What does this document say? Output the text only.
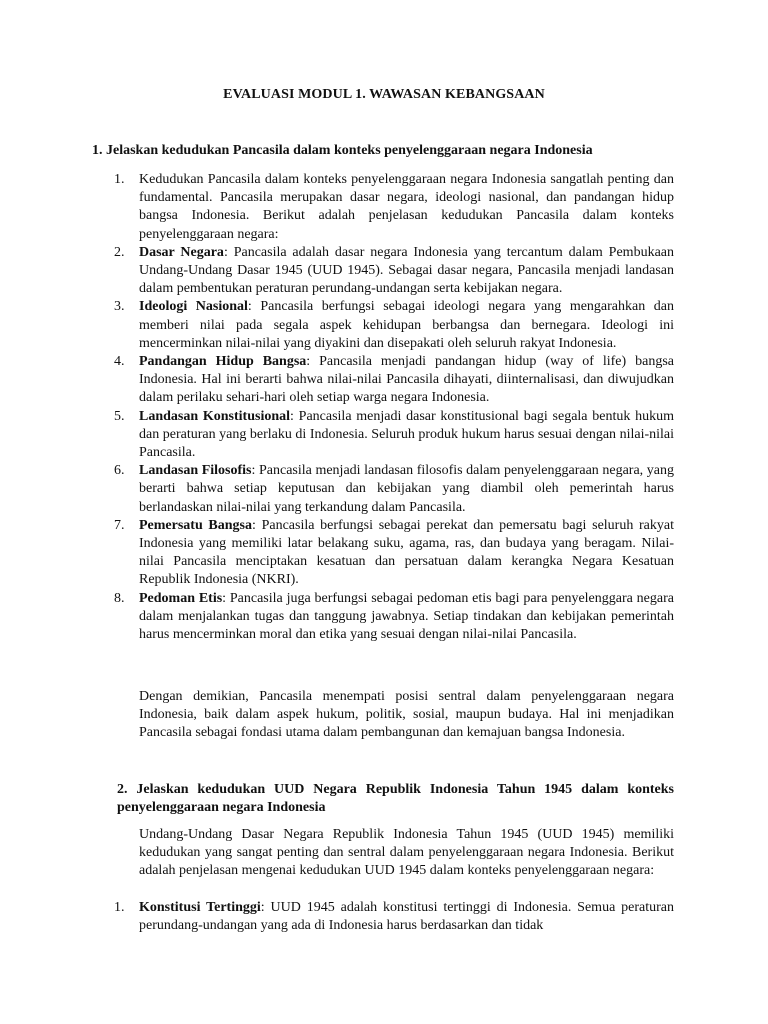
EVALUASI MODUL 1. WAWASAN KEBANGSAAN
1. Jelaskan kedudukan Pancasila dalam konteks penyelenggaraan negara Indonesia
1.	Kedudukan Pancasila dalam konteks penyelenggaraan negara Indonesia sangatlah penting dan fundamental. Pancasila merupakan dasar negara, ideologi nasional, dan pandangan hidup bangsa Indonesia. Berikut adalah penjelasan kedudukan Pancasila dalam konteks penyelenggaraan negara:
2.	Dasar Negara: Pancasila adalah dasar negara Indonesia yang tercantum dalam Pembukaan Undang-Undang Dasar 1945 (UUD 1945). Sebagai dasar negara, Pancasila menjadi landasan dalam pembentukan peraturan perundang-undangan serta kebijakan negara.
3.	Ideologi Nasional: Pancasila berfungsi sebagai ideologi negara yang mengarahkan dan memberi nilai pada segala aspek kehidupan berbangsa dan bernegara. Ideologi ini mencerminkan nilai-nilai yang diyakini dan disepakati oleh seluruh rakyat Indonesia.
4.	Pandangan Hidup Bangsa: Pancasila menjadi pandangan hidup (way of life) bangsa Indonesia. Hal ini berarti bahwa nilai-nilai Pancasila dihayati, diinternalisasi, dan diwujudkan dalam perilaku sehari-hari oleh setiap warga negara Indonesia.
5.	Landasan Konstitusional: Pancasila menjadi dasar konstitusional bagi segala bentuk hukum dan peraturan yang berlaku di Indonesia. Seluruh produk hukum harus sesuai dengan nilai-nilai Pancasila.
6.	Landasan Filosofis: Pancasila menjadi landasan filosofis dalam penyelenggaraan negara, yang berarti bahwa setiap keputusan dan kebijakan yang diambil oleh pemerintah harus berlandaskan nilai-nilai yang terkandung dalam Pancasila.
7.	Pemersatu Bangsa: Pancasila berfungsi sebagai perekat dan pemersatu bagi seluruh rakyat Indonesia yang memiliki latar belakang suku, agama, ras, dan budaya yang beragam. Nilai-nilai Pancasila menciptakan kesatuan dan persatuan dalam kerangka Negara Kesatuan Republik Indonesia (NKRI).
8.	Pedoman Etis: Pancasila juga berfungsi sebagai pedoman etis bagi para penyelenggara negara dalam menjalankan tugas dan tanggung jawabnya. Setiap tindakan dan kebijakan pemerintah harus mencerminkan moral dan etika yang sesuai dengan nilai-nilai Pancasila.
Dengan demikian, Pancasila menempati posisi sentral dalam penyelenggaraan negara Indonesia, baik dalam aspek hukum, politik, sosial, maupun budaya. Hal ini menjadikan Pancasila sebagai fondasi utama dalam pembangunan dan kemajuan bangsa Indonesia.
2. Jelaskan kedudukan UUD Negara Republik Indonesia Tahun 1945 dalam konteks penyelenggaraan negara Indonesia
Undang-Undang Dasar Negara Republik Indonesia Tahun 1945 (UUD 1945) memiliki kedudukan yang sangat penting dan sentral dalam penyelenggaraan negara Indonesia. Berikut adalah penjelasan mengenai kedudukan UUD 1945 dalam konteks penyelenggaraan negara:
1.	Konstitusi Tertinggi: UUD 1945 adalah konstitusi tertinggi di Indonesia. Semua peraturan perundang-undangan yang ada di Indonesia harus berdasarkan dan tidak
